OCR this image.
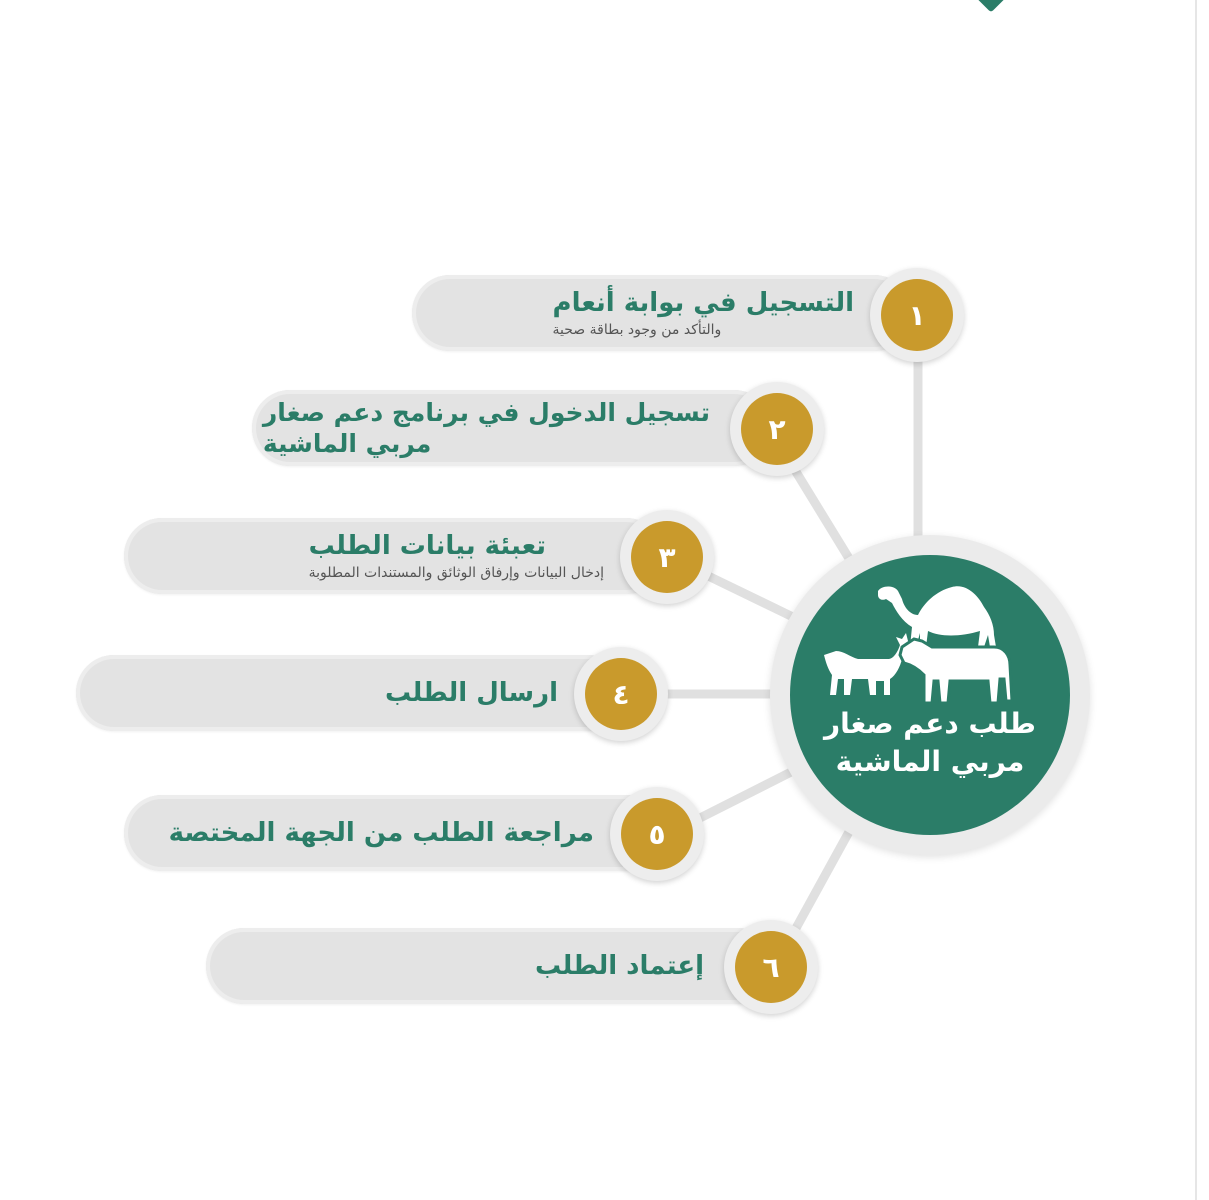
التسجيل في بوابة أنعام
والتأكد من وجود بطاقة صحية	١
تسجيل الدخول في برنامج دعم صغار
مربي الماشية	٢
تعبئة بيانات الطلب
إدخال البيانات وإرفاق الوثائق والمستندات المطلوبة	٣
ارسال الطلب	٤
مراجعة الطلب من الجهة المختصة	٥
إعتماد الطلب	٦
طلب دعم صغار
مربي الماشية
